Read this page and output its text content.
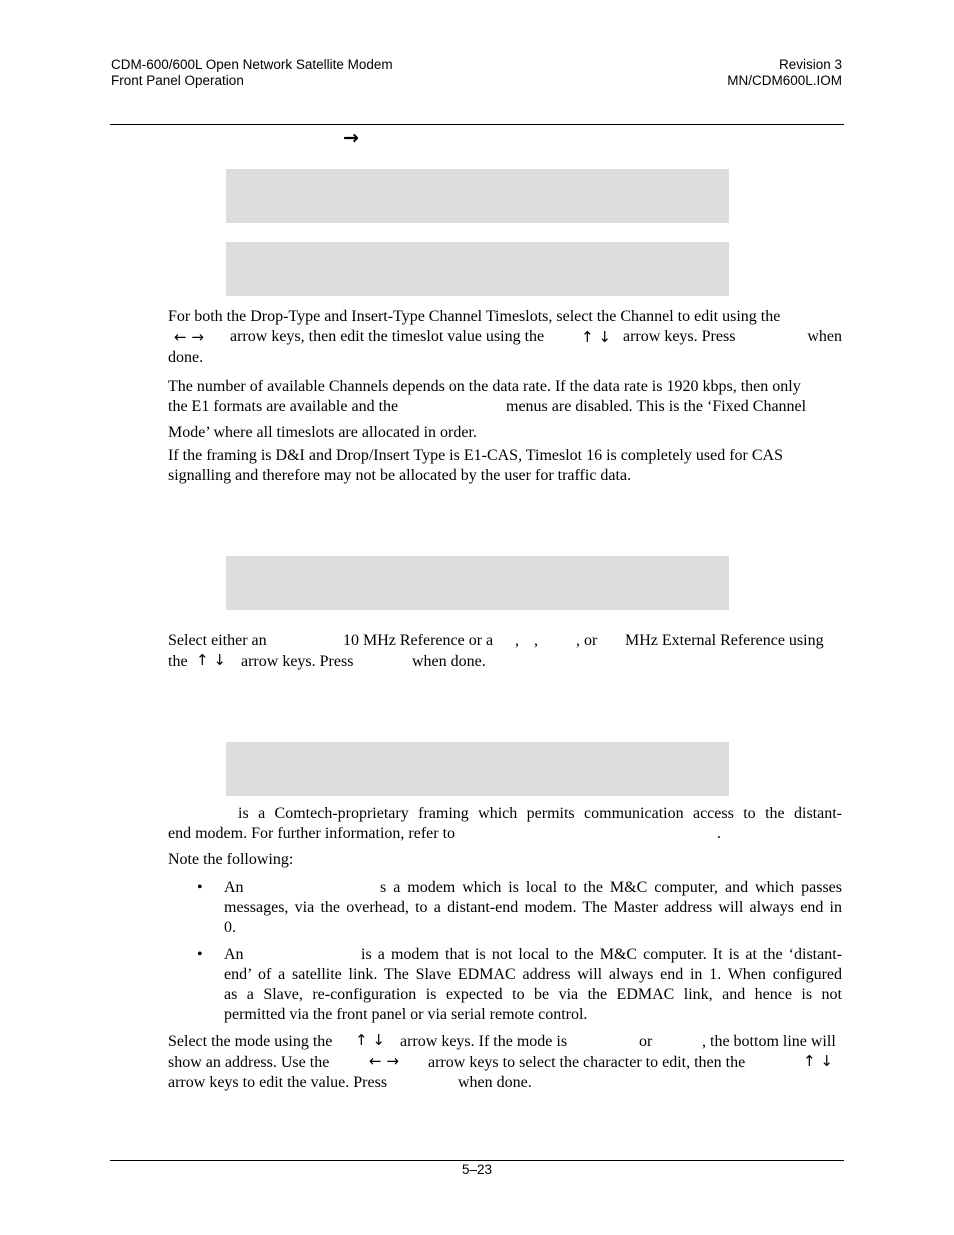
CDM-600/600L Open Network Satellite Modem
Front Panel Operation
Revision 3
MN/CDM600L.IOM
→

For both the Drop-Type and Insert-Type Channel Timeslots, select the Channel to edit using the
← → arrow keys, then edit the timeslot value using the ↑ ↓ arrow keys. Press	when

done.

The number of available Channels depends on the data rate. If the data rate is 1920 kbps, then only

the E1 formats are available and the	menus are disabled. This is the ‘Fixed Channel

Mode’ where all timeslots are allocated in order.

If the framing is D&I and Drop/Insert Type is E1-CAS, Timeslot 16 is completely used for CAS
signalling and therefore may not be allocated by the user for traffic data.

Select either an	10 MHz Reference or a , , , or MHz External Reference using
the ↑ ↓ arrow keys. Press	when done.
is a Comtech-proprietary framing which permits communication access to the distant-
end modem. For further information, refer to	.

Note the following:

• An	s a modem which is local to the M&C computer, and which passes
messages, via the overhead, to a distant-end modem. The Master address will always end in
0.
• An	is a modem that is not local to the M&C computer. It is at the ‘distant-
end’ of a satellite link. The Slave EDMAC address will always end in 1. When configured
as a Slave, re-configuration is expected to be via the EDMAC link, and hence is not
permitted via the front panel or via serial remote control.
Select the mode using the ↑ ↓ arrow keys. If the mode is	or	, the bottom line will
show an address. Use the	← → arrow keys to select the character to edit, then the	↑ ↓
arrow keys to edit the value. Press	when done.
5–23
